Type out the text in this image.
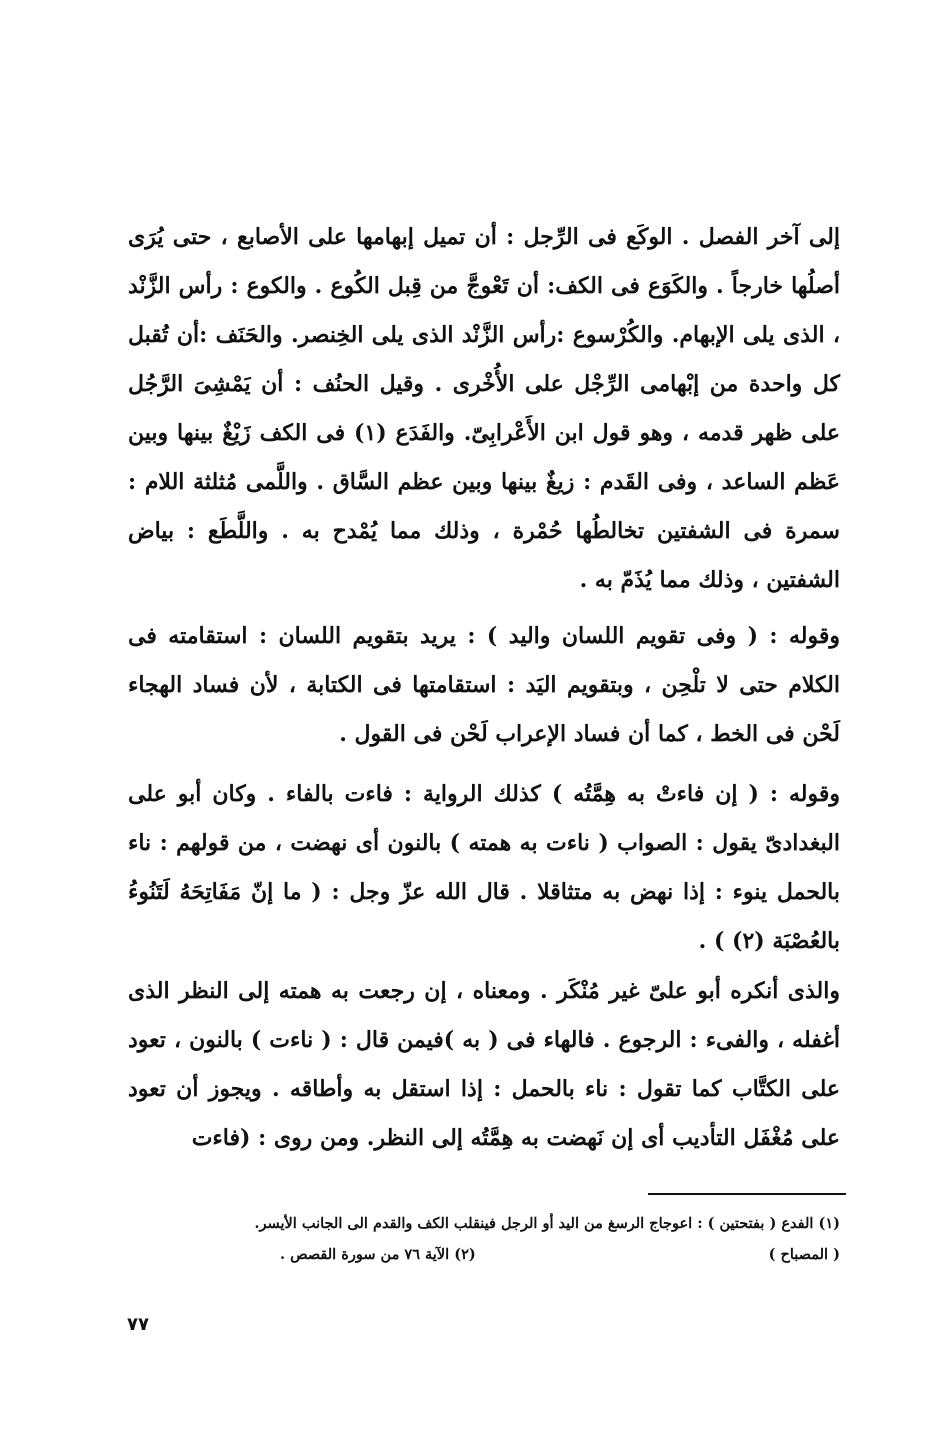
إلى آخر الفصل . الوكَع فى الرِّجل : أن تميل إبهامها على الأصابع ، حتى يُرَى أصلُها خارجاً . والكَوَع فى الكف: أن تَعْوجَّ من قِبل الكُوع . والكوع : رأس الزَّنْد ، الذى يلى الإبهام. والكُرْسوع :رأس الزَّنْد الذى يلى الخِنصر. والحَنَف :أن تُقبل كل واحدة من إبْهامى الرِّجْل على الأُخْرى . وقيل الحنُف : أن يَمْشِىَ الرَّجُل على ظهر قدمه ، وهو قول ابن الأَعْرابِىّ. والفَدَع (١) فى الكف زَيْغٌ بينها وبين عَظم الساعد ، وفى القَدم : زيغٌ بينها وبين عظم السَّاق . واللَّمى مُثلثة اللام : سمرة فى الشفتين تخالطُها حُمْرة ، وذلك مما يُمْدح به . واللَّطَع : بياض الشفتين ، وذلك مما يُذَمّ به .

وقوله : ( وفى تقويم اللسان واليد ) : يريد بتقويم اللسان : استقامته فى الكلام حتى لا تلْحِن ، وبتقويم اليَد : استقامتها فى الكتابة ، لأن فساد الهجاء لَحْن فى الخط ، كما أن فساد الإعراب لَحْن فى القول .

وقوله : ( إن فاءتْ به هِمَّتُه ) كذلك الرواية : فاءت بالفاء . وكان أبو على البغدادىّ يقول : الصواب ( ناءت به همته ) بالنون أى نهضت ، من قولهم : ناء بالحمل ينوء : إذا نهض به متثاقلا . قال الله عزّ وجل : ( ما إنّ مَفَاتِحَهُ لَتَنُوءُ بالعُصْبَة (٢) ) .

والذى أنكره أبو علىّ غير مُنْكَر . ومعناه ، إن رجعت به همته إلى النظر الذى أغفله ، والفىء : الرجوع . فالهاء فى ( به )فيمن قال : ( ناءت ) بالنون ، تعود على الكتَّاب كما تقول : ناء بالحمل : إذا استقل به وأطاقه . ويجوز أن تعود على مُغْفَل التأديب أى إن نَهضت به هِمَّتُه إلى النظر. ومن روى : (فاءت

(١) الفدع ( بفتحتين ) : اعوجاج الرسغ من اليد أو الرجل فينقلب الكف والقدم الى الجانب الأيسر.
( المصباح )
(٢) الآية ٧٦ من سورة القصص .
٧٧
